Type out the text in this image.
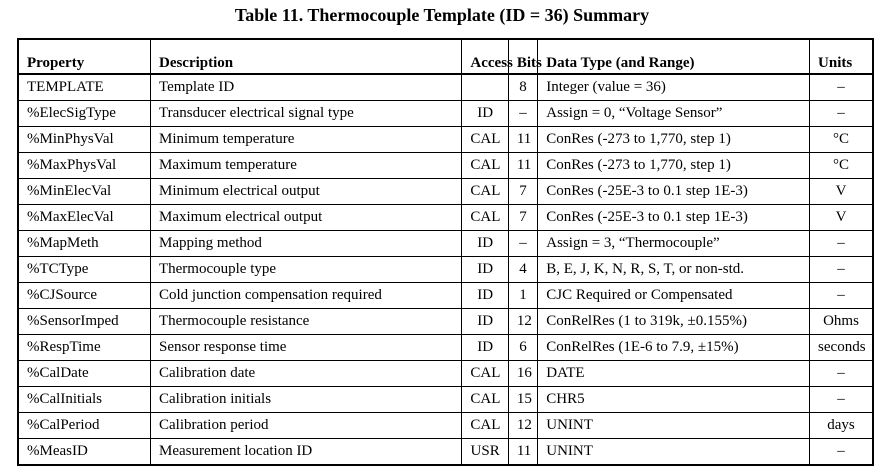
Table 11. Thermocouple Template (ID = 36) Summary
Property	Description	Access	Bits	Data Type (and Range)	Units
TEMPLATE	Template ID		8	Integer (value = 36)	–
%ElecSigType	Transducer electrical signal type	ID	–	Assign = 0, “Voltage Sensor”	–
%MinPhysVal	Minimum temperature	CAL	11	ConRes (-273 to 1,770, step 1)	°C
%MaxPhysVal	Maximum temperature	CAL	11	ConRes (-273 to 1,770, step 1)	°C
%MinElecVal	Minimum electrical output	CAL	7	ConRes (-25E-3 to 0.1 step 1E-3)	V
%MaxElecVal	Maximum electrical output	CAL	7	ConRes (-25E-3 to 0.1 step 1E-3)	V
%MapMeth	Mapping method	ID	–	Assign = 3, “Thermocouple”	–
%TCType	Thermocouple type	ID	4	B, E, J, K, N, R, S, T, or non-std.	–
%CJSource	Cold junction compensation required	ID	1	CJC Required or Compensated	–
%SensorImped	Thermocouple resistance	ID	12	ConRelRes (1 to 319k, ±0.155%)	Ohms
%RespTime	Sensor response time	ID	6	ConRelRes (1E-6 to 7.9, ±15%)	seconds
%CalDate	Calibration date	CAL	16	DATE	–
%CalInitials	Calibration initials	CAL	15	CHR5	–
%CalPeriod	Calibration period	CAL	12	UNINT	days
%MeasID	Measurement location ID	USR	11	UNINT	–
